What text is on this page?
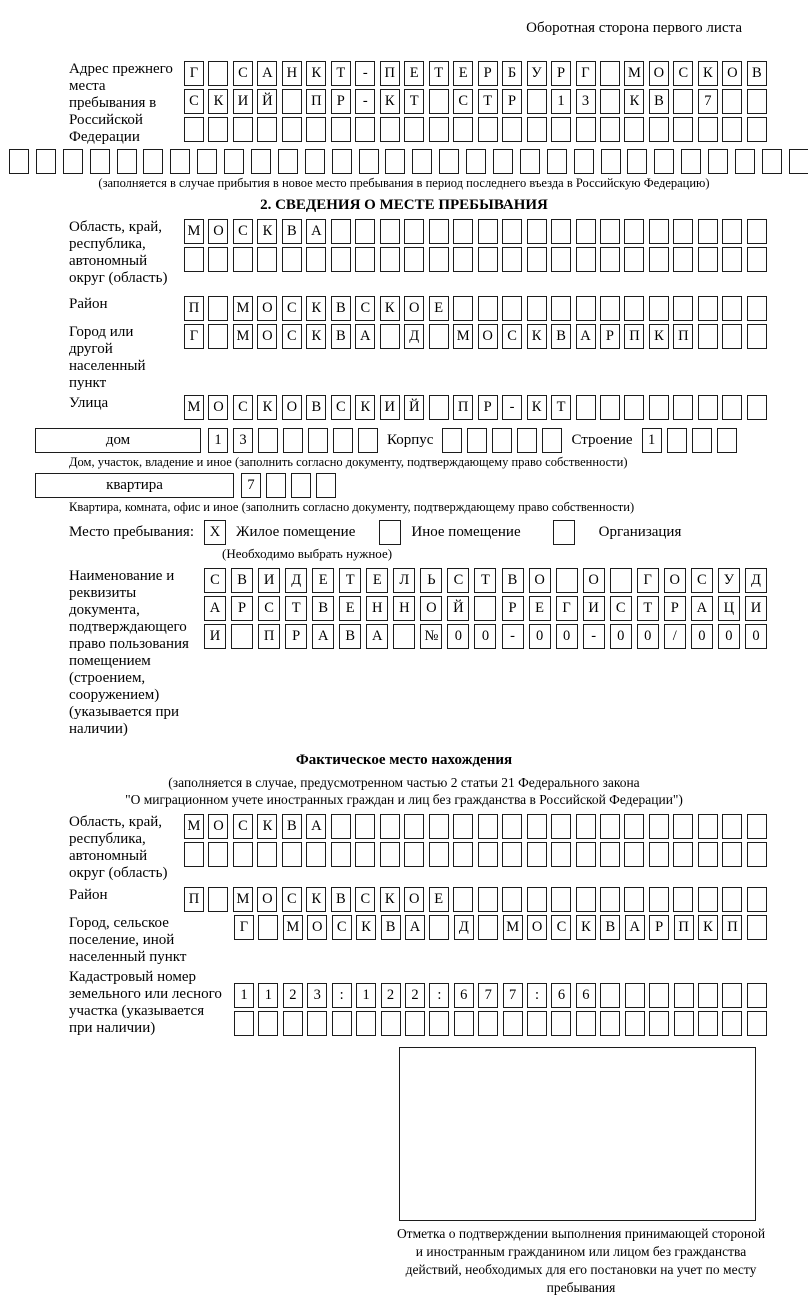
Оборотная сторона первого листа
Адрес прежнего места пребывания в Российской Федерации
Г	С А Н К	Т	-	П	Е	Т	Е	Р	Б	У	Р	Г	М О С	К О В
С	К И Й	П	Р	-	К	Т	С	Т	Р	1	3	К	В	7
(заполняется в случае прибытия в новое место пребывания в период последнего въезда в Российскую Федерацию)
2. СВЕДЕНИЯ О МЕСТЕ ПРЕБЫВАНИЯ
Область, край, республика, автономный округ (область)
М О С	К	В А
Район	П	М О С	К	В	С	К О	Е
Город или другой населенный пункт
Г	М О С	К	В А	Д	М О С	К	В А	Р	П К П
Улица	М О С	К О В	С	К И Й	П	Р	-	К	Т
дом	1	3	Корпус	Строение	1
Дом, участок, владение и иное (заполнить согласно документу, подтверждающему право собственности)
квартира	7
Квартира, комната, офис и иное (заполнить согласно документу, подтверждающему право собственности)
Место пребывания:	X	Жилое помещение	Иное помещение	Организация
(Необходимо выбрать нужное)
Наименование и реквизиты документа, подтверждающего право пользования помещением (строением, сооружением) (указывается при наличии)
С	В	И	Д	Е	Т	Е	Л	Ь	С	Т	В	О	О	Г	О	С	У	Д
А	Р	С	Т	В	Е	Н	Н	О	Й	Р	Е	Г	И	С	Т	Р	А	Ц	И
И	П	Р	А	В	А	№	0	0	-	0	0	-	0	0	/	0	0	0
Фактическое место нахождения
(заполняется в случае, предусмотренном частью 2 статьи 21 Федерального закона
"О миграционном учете иностранных граждан и лиц без гражданства в Российской Федерации")
Область, край, республика, автономный округ (область)
М О С	К	В А
Район	П	М О С	К	В	С	К О	Е
Город, сельское поселение, иной населенный пункт
Г	М О С	К	В А	Д	М О С	К	В А	Р	П К П
Кадастровый номер земельного или лесного участка (указывается при наличии)
1	1	2	3	:	1	2	2	:	6	7	7	:	6	6
Отметка о подтверждении выполнения принимающей стороной и иностранным гражданином или лицом без гражданства действий, необходимых для его постановки на учет по месту пребывания
